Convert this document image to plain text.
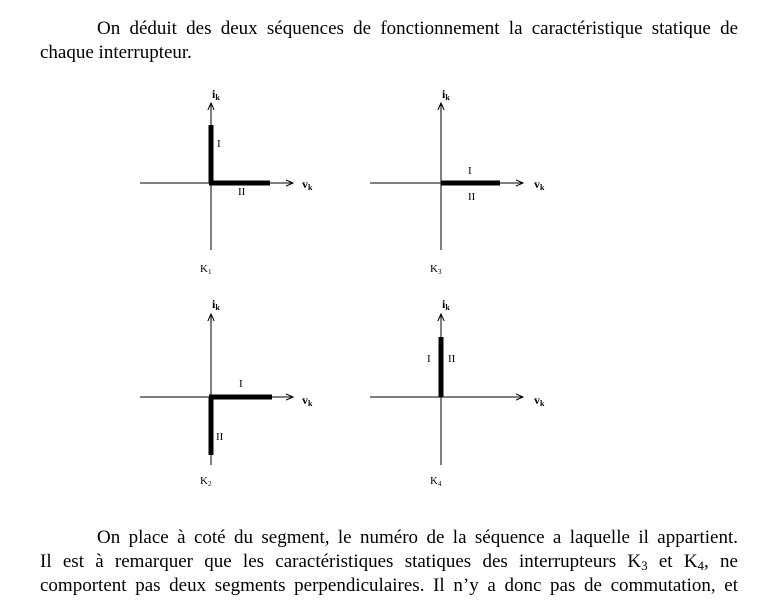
On déduit des deux séquences de fonctionnement la caractéristique statique de
chaque interrupteur.
ik
vk
I
II
K1
ik
vk
I
II
K3
ik
vk
I
II
K2
ik
vk
I II
K4
On place à coté du segment, le numéro de la séquence a laquelle il appartient.
Il est à remarquer que les caractéristiques statiques des interrupteurs $K_3$ et $K_4$, ne
comportent pas deux segments perpendiculaires. Il n’y a donc pas de commutation, et
